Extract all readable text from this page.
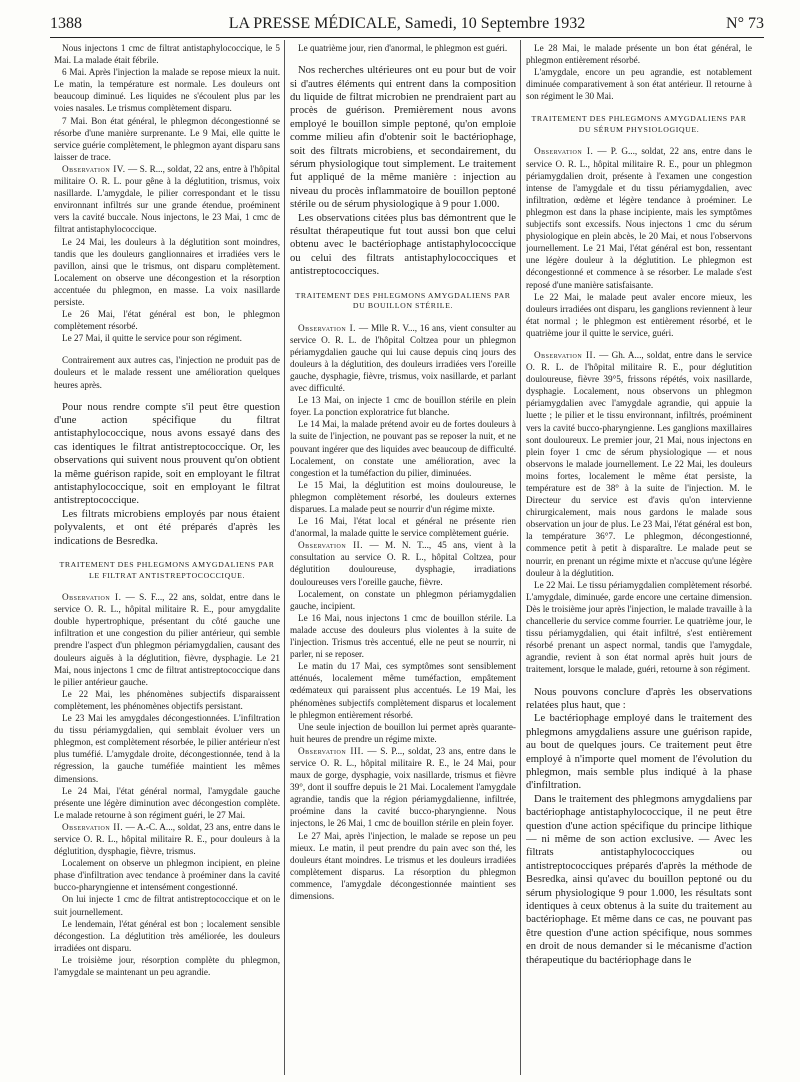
1388	LA PRESSE MÉDICALE, Samedi, 10 Septembre 1932	N° 73

Nous injectons 1 cmc de filtrat antistaphylococcique, le 5 Mai. La malade était fébrile.

6 Mai. Après l'injection la malade se repose mieux la nuit. Le matin, la température est normale. Les douleurs ont beaucoup diminué. Les liquides ne s'écoulent plus par les voies nasales. Le trismus complètement disparu.

7 Mai. Bon état général, le phlegmon décongestionné se résorbe d'une manière surprenante. Le 9 Mai, elle quitte le service guérie complètement, le phlegmon ayant disparu sans laisser de trace.

Observation IV. — S. R..., soldat, 22 ans, entre à l'hôpital militaire O. R. L. pour gêne à la déglutition, trismus, voix nasillarde. L'amygdale, le pilier correspondant et le tissu environnant infiltrés sur une grande étendue, proéminent vers la cavité buccale. Nous injectons, le 23 Mai, 1 cmc de filtrat antistaphylococcique.

Le 24 Mai, les douleurs à la déglutition sont moindres, tandis que les douleurs ganglionnaires et irradiées vers le pavillon, ainsi que le trismus, ont disparu complètement. Localement on observe une décongestion et la résorption accentuée du phlegmon, en masse. La voix nasillarde persiste.

Le 26 Mai, l'état général est bon, le phlegmon complètement résorbé.

Le 27 Mai, il quitte le service pour son régiment.

Contrairement aux autres cas, l'injection ne produit pas de douleurs et le malade ressent une amélioration quelques heures après.

Pour nous rendre compte s'il peut être question d'une action spécifique du filtrat antistaphylococcique, nous avons essayé dans des cas identiques le filtrat antistreptococcique. Or, les observations qui suivent nous prouvent qu'on obtient la même guérison rapide, soit en employant le filtrat antistaphylococcique, soit en employant le filtrat antistreptococcique.

Les filtrats microbiens employés par nous étaient polyvalents, et ont été préparés d'après les indications de Besredka.

TRAITEMENT DES PHLEGMONS AMYGDALIENS PAR LE FILTRAT ANTISTREPTOCOCCIQUE.

Observation I. — S. F..., 22 ans, soldat, entre dans le service O. R. L., hôpital militaire R. E., pour amygdalite double hypertrophique, présentant du côté gauche une infiltration et une congestion du pilier antérieur, qui semble prendre l'aspect d'un phlegmon périamygdalien, causant des douleurs aiguës à la déglutition, fièvre, dysphagie. Le 21 Mai, nous injectons 1 cmc de filtrat antistreptococcique dans le pilier antérieur gauche.

Le 22 Mai, les phénomènes subjectifs disparaissent complètement, les phénomènes objectifs persistant.

Le 23 Mai les amygdales décongestionnées. L'infiltration du tissu périamygdalien, qui semblait évoluer vers un phlegmon, est complètement résorbée, le pilier antérieur n'est plus tuméfié. L'amygdale droite, décongestionnée, tend à la régression, la gauche tuméfiée maintient les mêmes dimensions.

Le 24 Mai, l'état général normal, l'amygdale gauche présente une légère diminution avec décongestion complète. Le malade retourne à son régiment guéri, le 27 Mai.

Observation II. — A.-C. A..., soldat, 23 ans, entre dans le service O. R. L., hôpital militaire R. E., pour douleurs à la déglutition, dysphagie, fièvre, trismus.

Localement on observe un phlegmon incipient, en pleine phase d'infiltration avec tendance à proéminer dans la cavité bucco-pharyngienne et intensément congestionné.

On lui injecte 1 cmc de filtrat antistreptococcique et on le suit journellement.

Le lendemain, l'état général est bon ; localement sensible décongestion. La déglutition très améliorée, les douleurs irradiées ont disparu.

Le troisième jour, résorption complète du phlegmon, l'amygdale se maintenant un peu agrandie.

Le quatrième jour, rien d'anormal, le phlegmon est guéri.

Nos recherches ultérieures ont eu pour but de voir si d'autres éléments qui entrent dans la composition du liquide de filtrat microbien ne prendraient part au procès de guérison. Premièrement nous avons employé le bouillon simple peptoné, qu'on emploie comme milieu afin d'obtenir soit le bactériophage, soit des filtrats microbiens, et secondairement, du sérum physiologique tout simplement. Le traitement fut appliqué de la même manière : injection au niveau du procès inflammatoire de bouillon peptoné stérile ou de sérum physiologique à 9 pour 1.000.

Les observations citées plus bas démontrent que le résultat thérapeutique fut tout aussi bon que celui obtenu avec le bactériophage antistaphylococcique ou celui des filtrats antistaphylococciques et antistreptococciques.

TRAITEMENT DES PHLEGMONS AMYGDALIENS PAR DU BOUILLON STÉRILE.

Observation I. — Mlle R. V..., 16 ans, vient consulter au service O. R. L. de l'hôpital Coltzea pour un phlegmon périamygdalien gauche qui lui cause depuis cinq jours des douleurs à la déglutition, des douleurs irradiées vers l'oreille gauche, dysphagie, fièvre, trismus, voix nasillarde, et parlant avec difficulté.

Le 13 Mai, on injecte 1 cmc de bouillon stérile en plein foyer. La ponction exploratrice fut blanche.

Le 14 Mai, la malade prétend avoir eu de fortes douleurs à la suite de l'injection, ne pouvant pas se reposer la nuit, et ne pouvant ingérer que des liquides avec beaucoup de difficulté. Localement, on constate une amélioration, avec la congestion et la tuméfaction du pilier, diminuées.

Le 15 Mai, la déglutition est moins douloureuse, le phlegmon complètement résorbé, les douleurs externes disparues. La malade peut se nourrir d'un régime mixte.

Le 16 Mai, l'état local et général ne présente rien d'anormal, la malade quitte le service complètement guérie.

Observation II. — M. N. T..., 45 ans, vient à la consultation au service O. R. L., hôpital Coltzea, pour déglutition douloureuse, dysphagie, irradiations douloureuses vers l'oreille gauche, fièvre.

Localement, on constate un phlegmon périamygdalien gauche, incipient.

Le 16 Mai, nous injectons 1 cmc de bouillon stérile. La malade accuse des douleurs plus violentes à la suite de l'injection. Trismus très accentué, elle ne peut se nourrir, ni parler, ni se reposer.

Le matin du 17 Mai, ces symptômes sont sensiblement atténués, localement même tuméfaction, empâtement œdémateux qui paraissent plus accentués. Le 19 Mai, les phénomènes subjectifs complètement disparus et localement le phlegmon entièrement résorbé.

Une seule injection de bouillon lui permet après quarante-huit heures de prendre un régime mixte.

Observation III. — S. P..., soldat, 23 ans, entre dans le service O. R. L., hôpital militaire R. E., le 24 Mai, pour maux de gorge, dysphagie, voix nasillarde, trismus et fièvre 39°, dont il souffre depuis le 21 Mai. Localement l'amygdale agrandie, tandis que la région périamygdalienne, infiltrée, proémine dans la cavité bucco-pharyngienne. Nous injectons, le 26 Mai, 1 cmc de bouillon stérile en plein foyer.

Le 27 Mai, après l'injection, le malade se repose un peu mieux. Le matin, il peut prendre du pain avec son thé, les douleurs étant moindres. Le trismus et les douleurs irradiées complètement disparus. La résorption du phlegmon commence, l'amygdale décongestionnée maintient ses dimensions.

Le 28 Mai, le malade présente un bon état général, le phlegmon entièrement résorbé.

L'amygdale, encore un peu agrandie, est notablement diminuée comparativement à son état antérieur. Il retourne à son régiment le 30 Mai.

TRAITEMENT DES PHLEGMONS AMYGDALIENS PAR DU SÉRUM PHYSIOLOGIQUE.

Observation I. — P. G..., soldat, 22 ans, entre dans le service O. R. L., hôpital militaire R. E., pour un phlegmon périamygdalien droit, présente à l'examen une congestion intense de l'amygdale et du tissu périamygdalien, avec infiltration, œdème et légère tendance à proéminer. Le phlegmon est dans la phase incipiente, mais les symptômes subjectifs sont excessifs. Nous injectons 1 cmc du sérum physiologique en plein abcès, le 20 Mai, et nous l'observons journellement. Le 21 Mai, l'état général est bon, ressentant une légère douleur à la déglutition. Le phlegmon est décongestionné et commence à se résorber. Le malade s'est reposé d'une manière satisfaisante.

Le 22 Mai, le malade peut avaler encore mieux, les douleurs irradiées ont disparu, les ganglions reviennent à leur état normal ; le phlegmon est entièrement résorbé, et le quatrième jour il quitte le service, guéri.

Observation II. — Gh. A..., soldat, entre dans le service O. R. L. de l'hôpital militaire R. E., pour déglutition douloureuse, fièvre 39°5, frissons répétés, voix nasillarde, dysphagie. Localement, nous observons un phlegmon périamygdalien avec l'amygdale agrandie, qui appuie la luette ; le pilier et le tissu environnant, infiltrés, proéminent vers la cavité bucco-pharyngienne. Les ganglions maxillaires sont douloureux. Le premier jour, 21 Mai, nous injectons en plein foyer 1 cmc de sérum physiologique — et nous observons le malade journellement. Le 22 Mai, les douleurs moins fortes, localement le même état persiste, la température est de 38° à la suite de l'injection. M. le Directeur du service est d'avis qu'on intervienne chirurgicalement, mais nous gardons le malade sous observation un jour de plus. Le 23 Mai, l'état général est bon, la température 36°7. Le phlegmon, décongestionné, commence petit à petit à disparaître. Le malade peut se nourrir, en prenant un régime mixte et n'accuse qu'une légère douleur à la déglutition.

Le 22 Mai. Le tissu périamygdalien complètement résorbé. L'amygdale, diminuée, garde encore une certaine dimension. Dès le troisième jour après l'injection, le malade travaille à la chancellerie du service comme fourrier. Le quatrième jour, le tissu périamygdalien, qui était infiltré, s'est entièrement résorbé prenant un aspect normal, tandis que l'amygdale, agrandie, revient à son état normal après huit jours de traitement, lorsque le malade, guéri, retourne à son régiment.

Nous pouvons conclure d'après les observations relatées plus haut, que :

Le bactériophage employé dans le traitement des phlegmons amygdaliens assure une guérison rapide, au bout de quelques jours. Ce traitement peut être employé à n'importe quel moment de l'évolution du phlegmon, mais semble plus indiqué à la phase d'infiltration.

Dans le traitement des phlegmons amygdaliens par bactériophage antistaphylococcique, il ne peut être question d'une action spécifique du principe lithique — ni même de son action exclusive. — Avec les filtrats antistaphylococciques ou antistreptococciques préparés d'après la méthode de Besredka, ainsi qu'avec du bouillon peptoné ou du sérum physiologique 9 pour 1.000, les résultats sont identiques à ceux obtenus à la suite du traitement au bactériophage. Et même dans ce cas, ne pouvant pas être question d'une action spécifique, nous sommes en droit de nous demander si le mécanisme d'action thérapeutique du bactériophage dans le
